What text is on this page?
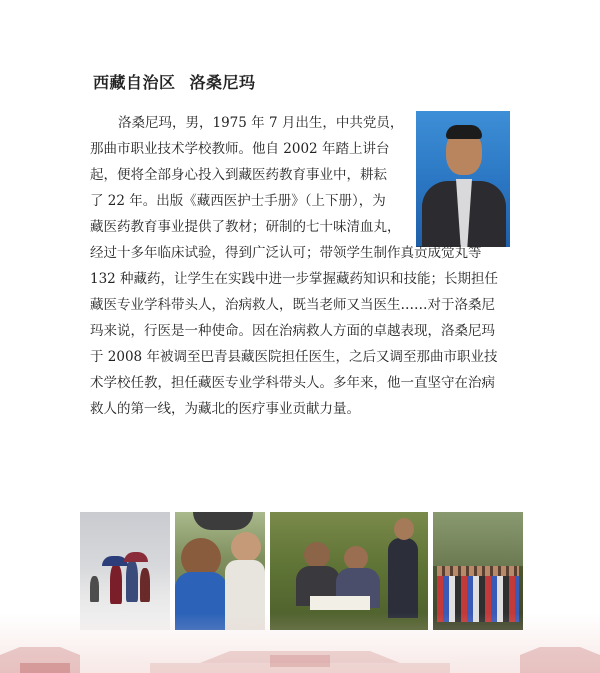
西藏自治区 洛桑尼玛
洛桑尼玛，男，1975 年 7 月出生，中共党员，
那曲市职业技术学校教师。他自 2002 年踏上讲台
起，便将全部身心投入到藏医药教育事业中，耕耘
了 22 年。出版《藏西医护士手册》（上下册），为
藏医药教育事业提供了教材；研制的七十味清血丸，
经过十多年临床试验，得到广泛认可；带领学生制作真贡成觉丸等
132 种藏药，让学生在实践中进一步掌握藏药知识和技能；长期担任
藏医专业学科带头人，治病救人，既当老师又当医生……对于洛桑尼
玛来说，行医是一种使命。因在治病救人方面的卓越表现，洛桑尼玛
于 2008 年被调至巴青县藏医院担任医生，之后又调至那曲市职业技
术学校任教，担任藏医专业学科带头人。多年来，他一直坚守在治病
救人的第一线，为藏北的医疗事业贡献力量。
